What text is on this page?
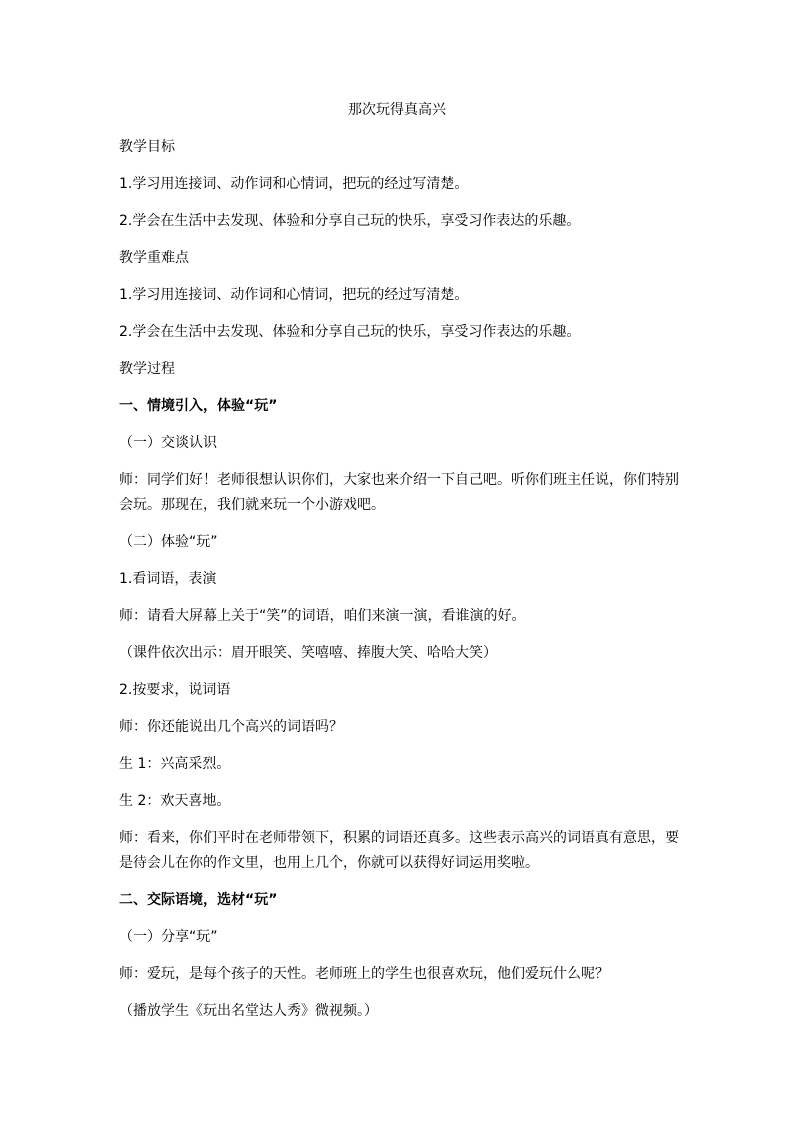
那次玩得真高兴
教学目标
1.学习用连接词、动作词和心情词，把玩的经过写清楚。
2.学会在生活中去发现、体验和分享自己玩的快乐，享受习作表达的乐趣。
教学重难点
1.学习用连接词、动作词和心情词，把玩的经过写清楚。
2.学会在生活中去发现、体验和分享自己玩的快乐，享受习作表达的乐趣。
教学过程
一、情境引入，体验“玩”
（一）交谈认识
师：同学们好！老师很想认识你们，大家也来介绍一下自己吧。听你们班主任说，你们特别会玩。那现在，我们就来玩一个小游戏吧。
（二）体验“玩”
1.看词语，表演
师：请看大屏幕上关于“笑”的词语，咱们来演一演，看谁演的好。
（课件依次出示：眉开眼笑、笑嘻嘻、捧腹大笑、哈哈大笑）
2.按要求，说词语
师：你还能说出几个高兴的词语吗？
生 1：兴高采烈。
生 2：欢天喜地。
师：看来，你们平时在老师带领下，积累的词语还真多。这些表示高兴的词语真有意思，要是待会儿在你的作文里，也用上几个，你就可以获得好词运用奖啦。
二、交际语境，选材“玩”
（一）分享“玩”
师：爱玩，是每个孩子的天性。老师班上的学生也很喜欢玩，他们爱玩什么呢？
（播放学生《玩出名堂达人秀》微视频。）
